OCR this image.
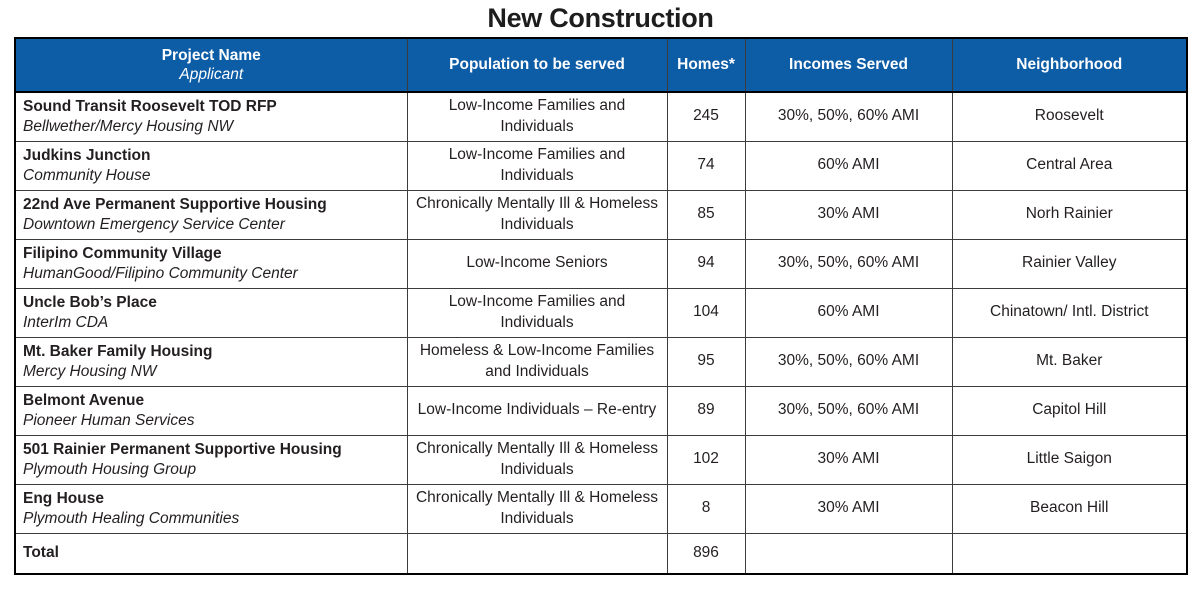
New Construction
Project Name
Applicant	Population to be served	Homes*	Incomes Served	Neighborhood

Sound Transit Roosevelt TOD RFP
Bellwether/Mercy Housing NW	Low-Income Families and Individuals	245	30%, 50%, 60% AMI	Roosevelt

Judkins Junction
Community House	Low-Income Families and Individuals	74	60% AMI	Central Area

22nd Ave Permanent Supportive Housing
Downtown Emergency Service Center	Chronically Mentally Ill & Homeless Individuals	85	30% AMI	Norh Rainier

Filipino Community Village
HumanGood/Filipino Community Center	Low-Income Seniors	94	30%, 50%, 60% AMI	Rainier Valley

Uncle Bob’s Place
InterIm CDA	Low-Income Families and Individuals	104	60% AMI	Chinatown/ Intl. District

Mt. Baker Family Housing
Mercy Housing NW	Homeless & Low-Income Families and Individuals	95	30%, 50%, 60% AMI	Mt. Baker

Belmont Avenue
Pioneer Human Services	Low-Income Individuals – Re-entry	89	30%, 50%, 60% AMI	Capitol Hill

501 Rainier Permanent Supportive Housing
Plymouth Housing Group	Chronically Mentally Ill & Homeless Individuals	102	30% AMI	Little Saigon

Eng House
Plymouth Healing Communities	Chronically Mentally Ill & Homeless Individuals	8	30% AMI	Beacon Hill
Total		896		
